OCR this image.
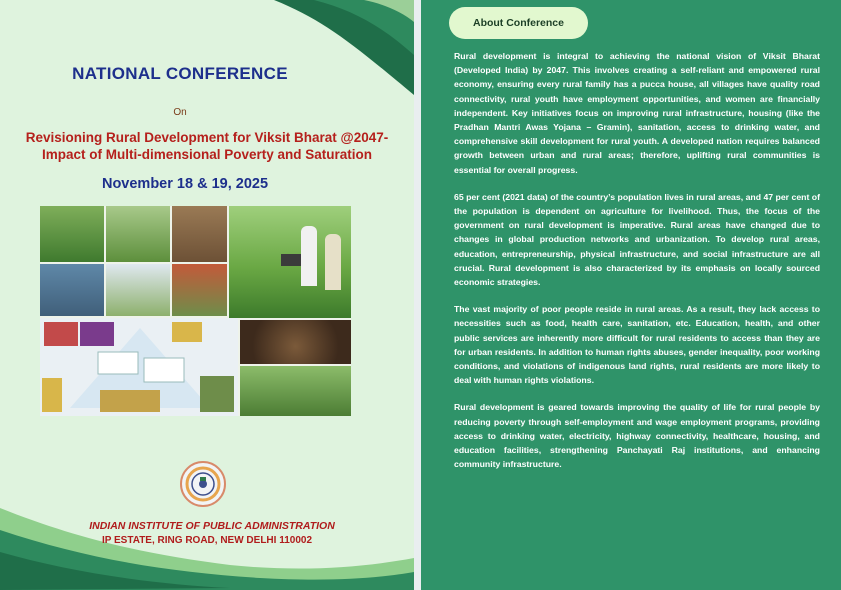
NATIONAL CONFERENCE
On
Revisioning Rural Development for Viksit Bharat @2047-
Impact of Multi-dimensional Poverty and Saturation
November 18 & 19, 2025
INDIAN INSTITUTE OF PUBLIC ADMINISTRATION
IP ESTATE, RING ROAD, NEW DELHI 110002
About Conference

Rural development is integral to achieving the national vision of Viksit Bharat (Developed India) by 2047. This involves creating a self-reliant and empowered rural economy, ensuring every rural family has a pucca house, all villages have quality road connectivity, rural youth have employment opportunities, and women are financially independent. Key initiatives focus on improving rural infrastructure, housing (like the Pradhan Mantri Awas Yojana – Gramin), sanitation, access to drinking water, and comprehensive skill development for rural youth. A developed nation requires balanced growth between urban and rural areas; therefore, uplifting rural communities is essential for overall progress.

65 per cent (2021 data) of the country’s population lives in rural areas, and 47 per cent of the population is dependent on agriculture for livelihood. Thus, the focus of the government on rural development is imperative. Rural areas have changed due to changes in global production networks and urbanization. To develop rural areas, education, entrepreneurship, physical infrastructure, and social infrastructure are all crucial. Rural development is also characterized by its emphasis on locally sourced economic strategies.

The vast majority of poor people reside in rural areas. As a result, they lack access to necessities such as food, health care, sanitation, etc. Education, health, and other public services are inherently more difficult for rural residents to access than they are for urban residents. In addition to human rights abuses, gender inequality, poor working conditions, and violations of indigenous land rights, rural residents are more likely to deal with human rights violations.

Rural development is geared towards improving the quality of life for rural people by reducing poverty through self-employment and wage employment programs, providing access to drinking water, electricity, highway connectivity, healthcare, housing, and education facilities, strengthening Panchayati Raj institutions, and enhancing community infrastructure.
